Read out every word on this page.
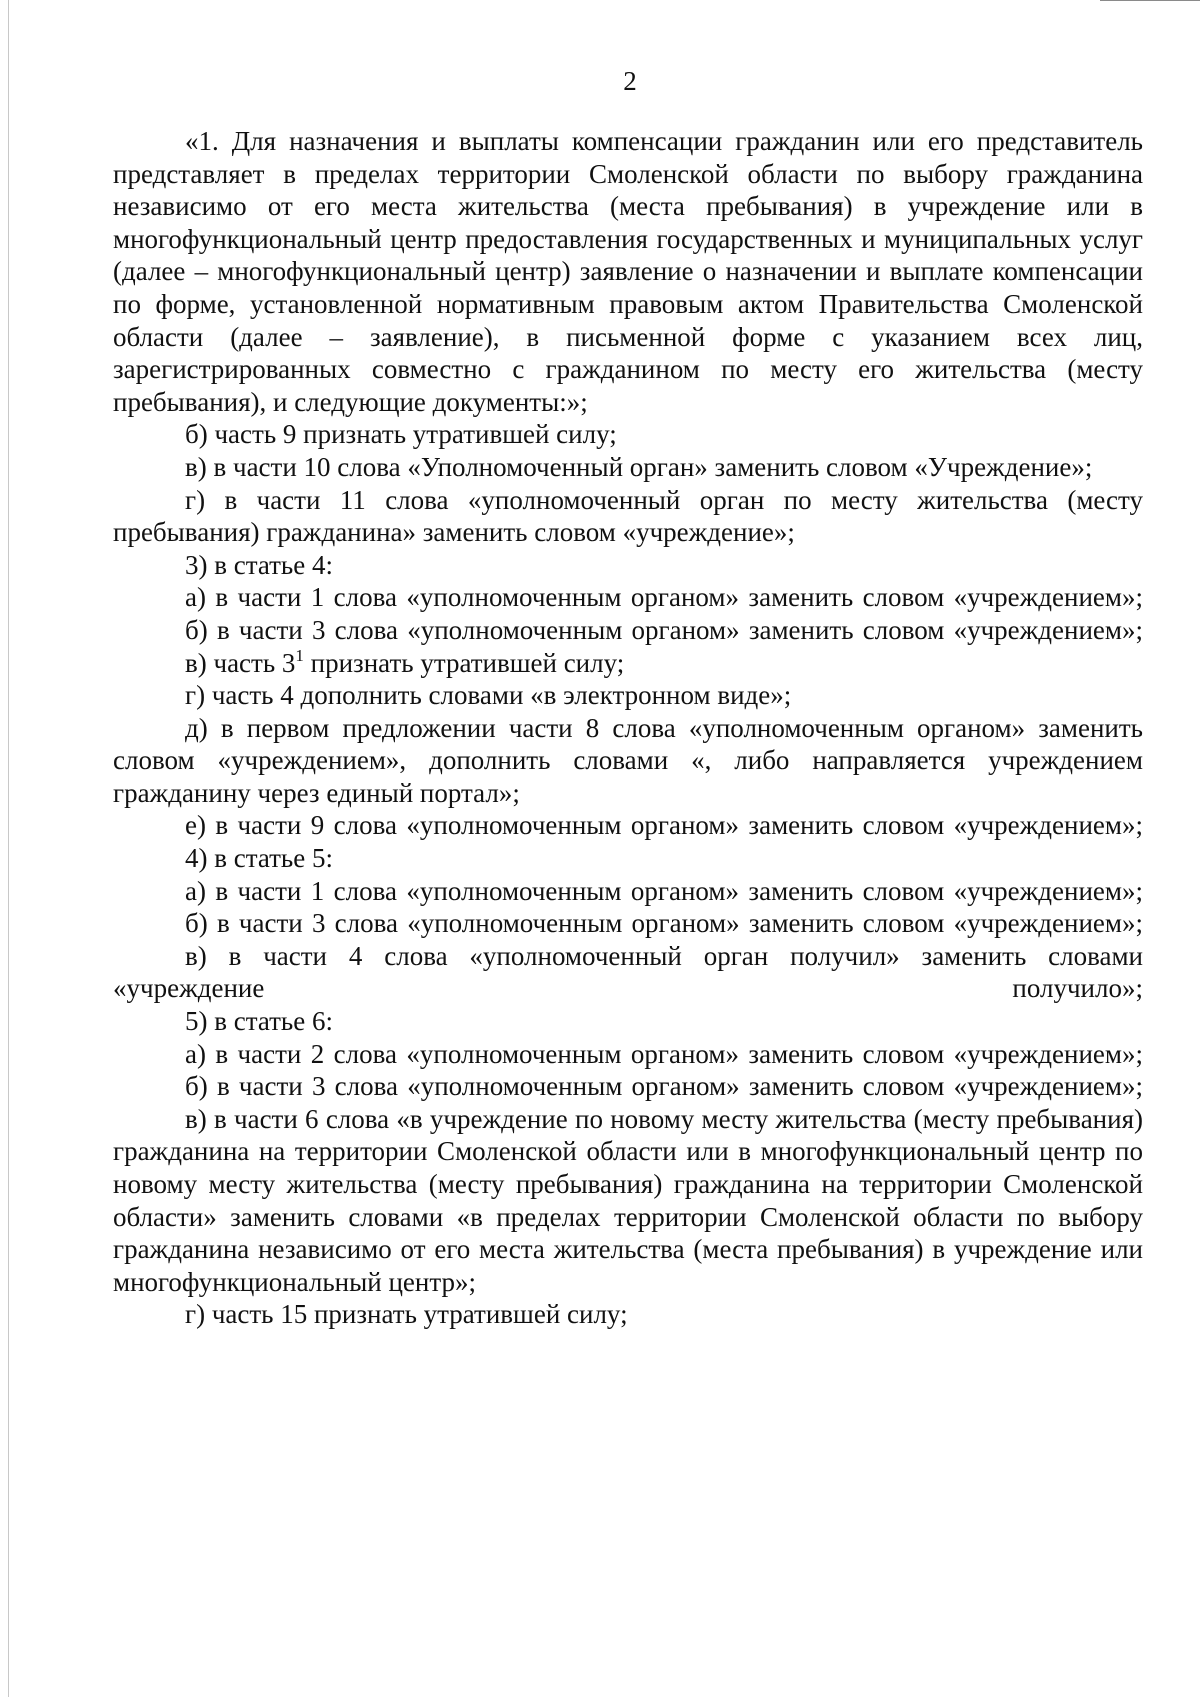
2

«1. Для назначения и выплаты компенсации гражданин или его представитель представляет в пределах территории Смоленской области по выбору гражданина независимо от его места жительства (места пребывания) в учреждение или в многофункциональный центр предоставления государственных и муниципальных услуг (далее – многофункциональный центр) заявление о назначении и выплате компенсации по форме, установленной нормативным правовым актом Правительства Смоленской области (далее – заявление), в письменной форме с указанием всех лиц, зарегистрированных совместно с гражданином по месту его жительства (месту пребывания), и следующие документы:»;

б) часть 9 признать утратившей силу;

в) в части 10 слова «Уполномоченный орган» заменить словом «Учреждение»;

г) в части 11 слова «уполномоченный орган по месту жительства (месту пребывания) гражданина» заменить словом «учреждение»;

3) в статье 4:

а) в части 1 слова «уполномоченным органом» заменить словом «учреждением»;

б) в части 3 слова «уполномоченным органом» заменить словом «учреждением»;

в) часть $3^1$ признать утратившей силу;

г) часть 4 дополнить словами «в электронном виде»;

д) в первом предложении части 8 слова «уполномоченным органом» заменить словом «учреждением», дополнить словами «, либо направляется учреждением гражданину через единый портал»;

е) в части 9 слова «уполномоченным органом» заменить словом «учреждением»;

4) в статье 5:

а) в части 1 слова «уполномоченным органом» заменить словом «учреждением»;

б) в части 3 слова «уполномоченным органом» заменить словом «учреждением»;

в) в части 4 слова «уполномоченный орган получил» заменить словами «учреждение получило»;

5) в статье 6:

а) в части 2 слова «уполномоченным органом» заменить словом «учреждением»;

б) в части 3 слова «уполномоченным органом» заменить словом «учреждением»;

в) в части 6 слова «в учреждение по новому месту жительства (месту пребывания) гражданина на территории Смоленской области или в многофункциональный центр по новому месту жительства (месту пребывания) гражданина на территории Смоленской области» заменить словами «в пределах территории Смоленской области по выбору гражданина независимо от его места жительства (места пребывания) в учреждение или многофункциональный центр»;

г) часть 15 признать утратившей силу;
